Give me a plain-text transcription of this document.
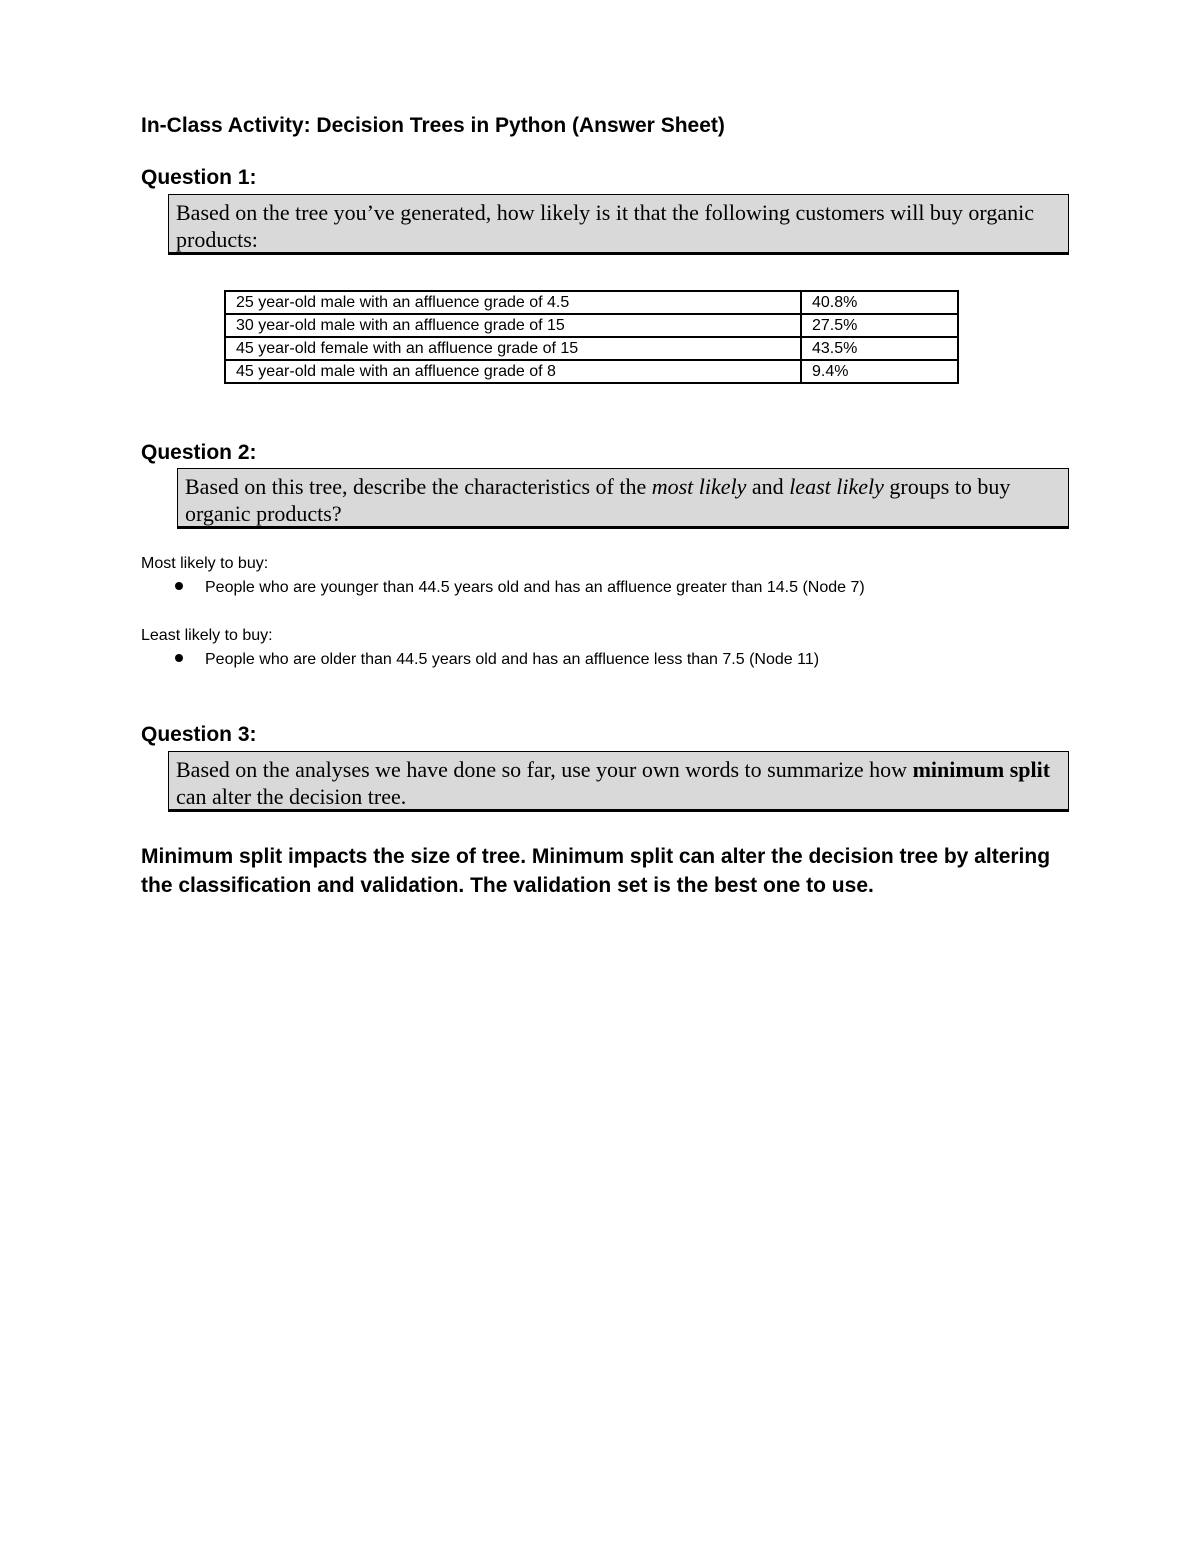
In-Class Activity: Decision Trees in Python (Answer Sheet)
Question 1:
Based on the tree you’ve generated, how likely is it that the following customers will buy organic products:
25 year-old male with an affluence grade of 4.5	40.8%
30 year-old male with an affluence grade of 15	27.5%
45 year-old female with an affluence grade of 15	43.5%
45 year-old male with an affluence grade of 8	9.4%
Question 2:
Based on this tree, describe the characteristics of the most likely and least likely groups to buy organic products?
Most likely to buy:
People who are younger than 44.5 years old and has an affluence greater than 14.5 (Node 7)
Least likely to buy:
People who are older than 44.5 years old and has an affluence less than 7.5 (Node 11)
Question 3:
Based on the analyses we have done so far, use your own words to summarize how minimum split can alter the decision tree.
Minimum split impacts the size of tree. Minimum split can alter the decision tree by altering the classification and validation. The validation set is the best one to use.
